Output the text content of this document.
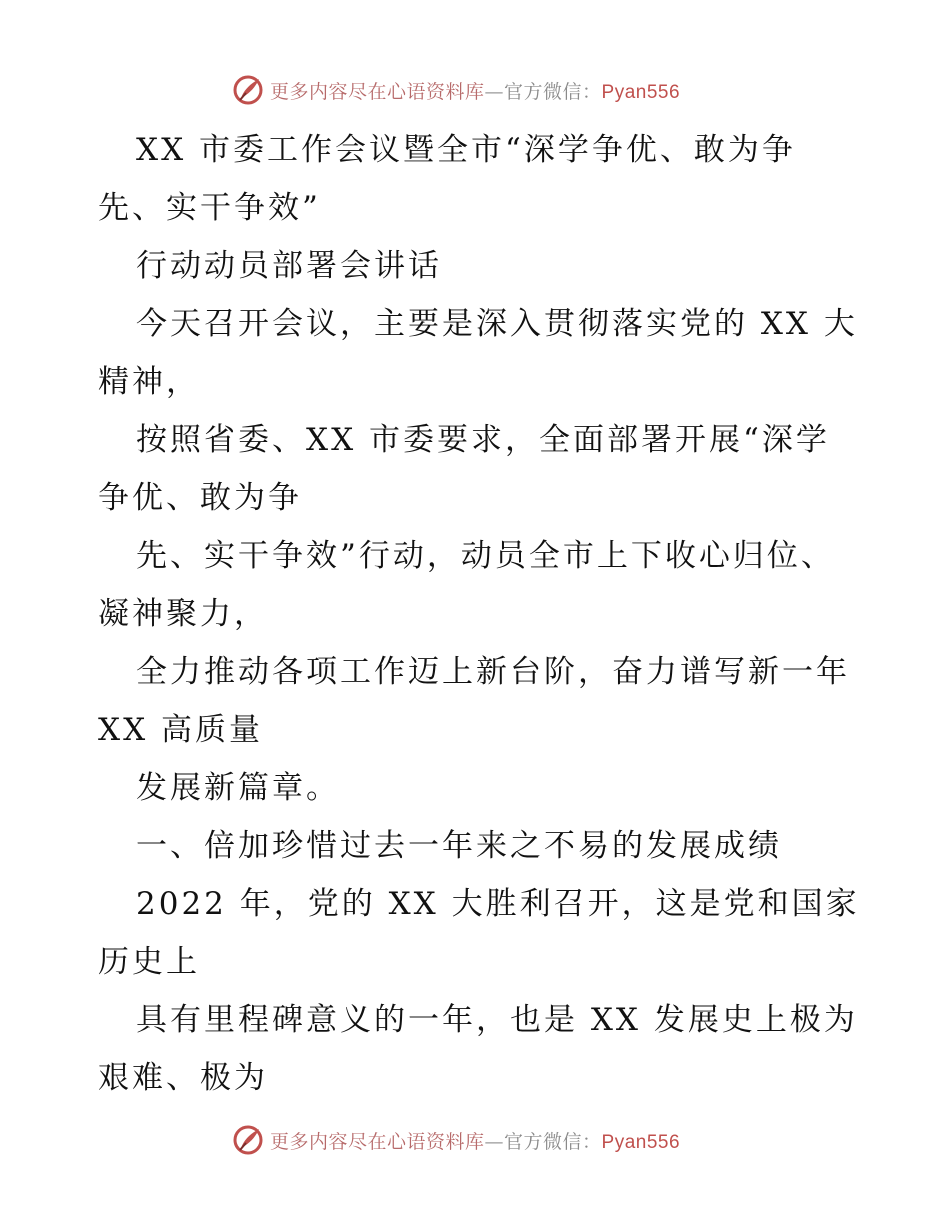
更多内容尽在心语资料库—官方微信：Pyan556
XX 市委工作会议暨全市“深学争优、敢为争
先、实干争效”
行动动员部署会讲话
今天召开会议，主要是深入贯彻落实党的 XX 大
精神，
按照省委、XX 市委要求，全面部署开展“深学
争优、敢为争
先、实干争效”行动，动员全市上下收心归位、
凝神聚力，
全力推动各项工作迈上新台阶，奋力谱写新一年
XX 高质量
发展新篇章。
一、倍加珍惜过去一年来之不易的发展成绩
2022 年，党的 XX 大胜利召开，这是党和国家
历史上
具有里程碑意义的一年，也是 XX 发展史上极为
艰难、极为
更多内容尽在心语资料库—官方微信：Pyan556
